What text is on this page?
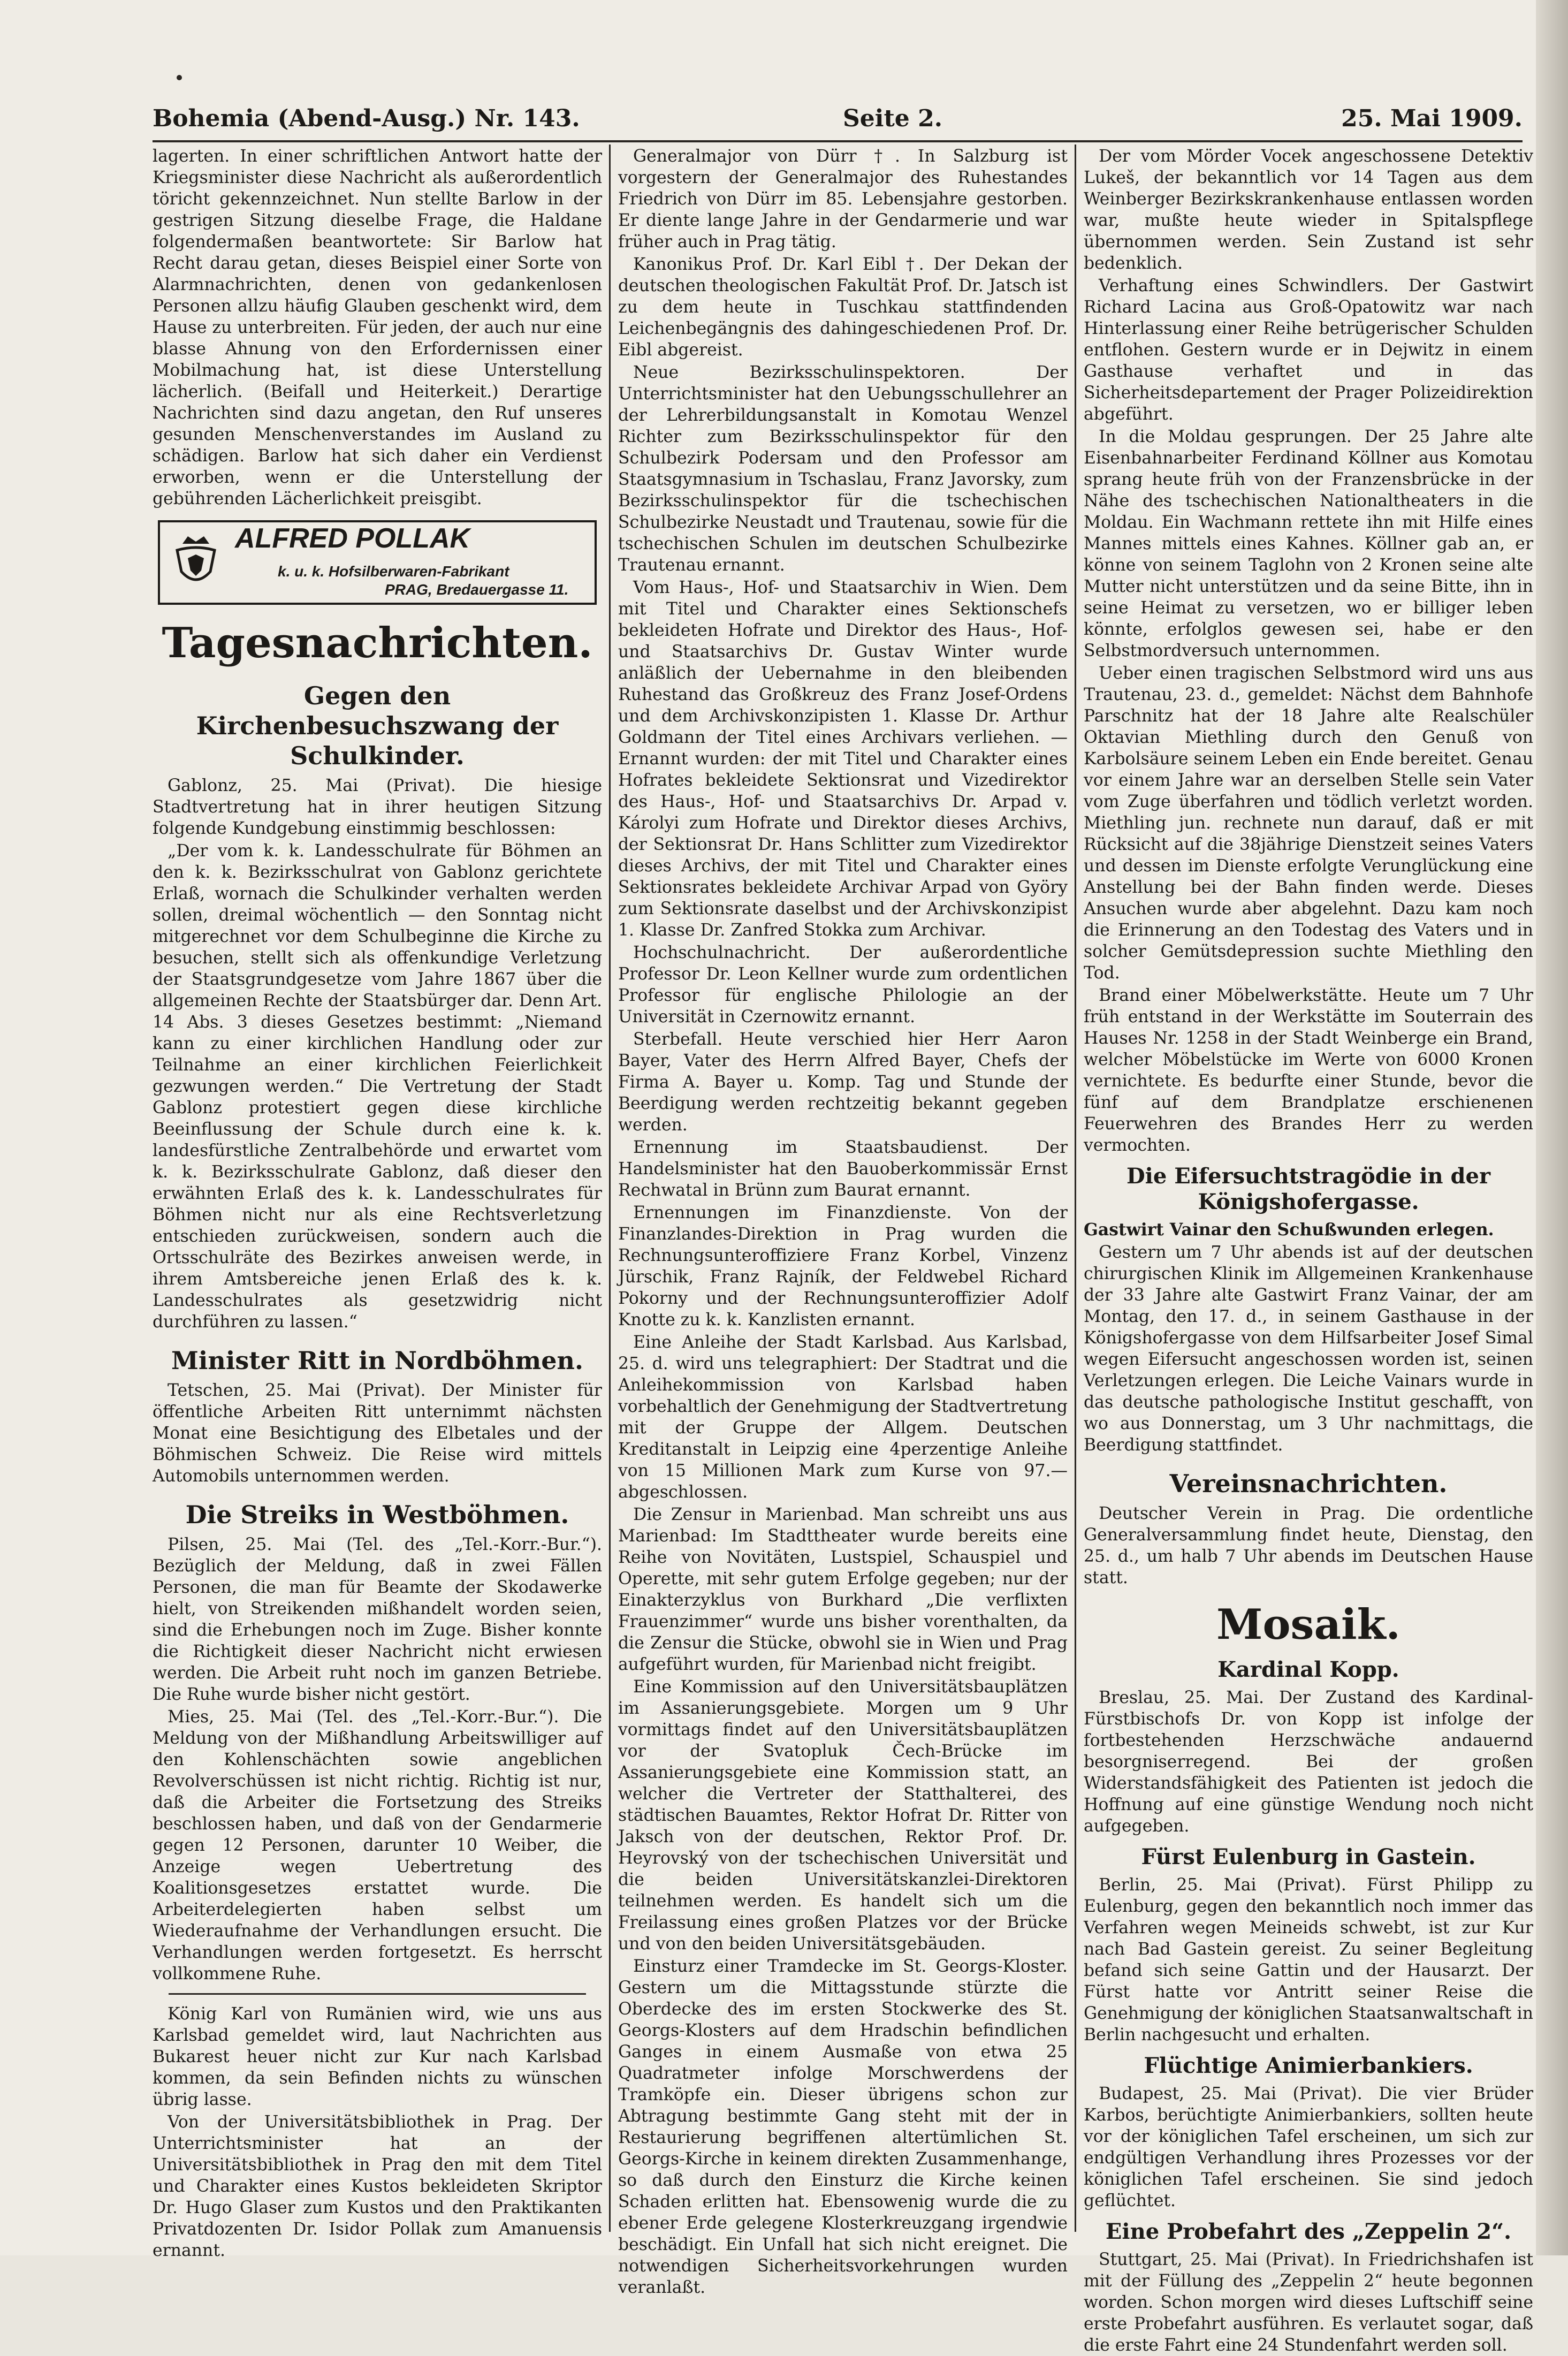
Bohemia (Abend-Ausg.) Nr. 143.	Seite 2.	25. Mai 1909.

lagerten. In einer schriftlichen Antwort hatte der Kriegsminister diese Nachricht als außerordentlich töricht gekennzeichnet. Nun stellte Barlow in der gestrigen Sitzung dieselbe Frage, die Haldane folgendermaßen beantwortete: Sir Barlow hat Recht darau getan, dieses Beispiel einer Sorte von Alarmnachrichten, denen von gedankenlosen Personen allzu häufig Glauben geschenkt wird, dem Hause zu unterbreiten. Für jeden, der auch nur eine blasse Ahnung von den Erfordernissen einer Mobilmachung hat, ist diese Unterstellung lächerlich. (Beifall und Heiterkeit.) Derartige Nachrichten sind dazu angetan, den Ruf unseres gesunden Menschenverstandes im Ausland zu schädigen. Barlow hat sich daher ein Verdienst erworben, wenn er die Unterstellung der gebührenden Lächerlichkeit preisgibt.

ALFRED POLLAK
k. u. k. Hofsilberwaren-Fabrikant
PRAG, Bredauergasse 11.
Tagesnachrichten.
Gegen den Kirchenbesuchszwang der Schulkinder.

Gablonz, 25. Mai (Privat). Die hiesige Stadtvertretung hat in ihrer heutigen Sitzung folgende Kundgebung einstimmig beschlossen:

„Der vom k. k. Landesschulrate für Böhmen an den k. k. Bezirksschulrat von Gablonz gerichtete Erlaß, wornach die Schulkinder verhalten werden sollen, dreimal wöchentlich — den Sonntag nicht mitgerechnet vor dem Schulbeginne die Kirche zu besuchen, stellt sich als offenkundige Verletzung der Staatsgrundgesetze vom Jahre 1867 über die allgemeinen Rechte der Staatsbürger dar. Denn Art. 14 Abs. 3 dieses Gesetzes bestimmt: „Niemand kann zu einer kirchlichen Handlung oder zur Teilnahme an einer kirchlichen Feierlichkeit gezwungen werden.“ Die Vertretung der Stadt Gablonz protestiert gegen diese kirchliche Beeinflussung der Schule durch eine k. k. landesfürstliche Zentralbehörde und erwartet vom k. k. Bezirksschulrate Gablonz, daß dieser den erwähnten Erlaß des k. k. Landesschulrates für Böhmen nicht nur als eine Rechtsverletzung entschieden zurückweisen, sondern auch die Ortsschulräte des Bezirkes anweisen werde, in ihrem Amtsbereiche jenen Erlaß des k. k. Landesschulrates als gesetzwidrig nicht durchführen zu lassen.“

Minister Ritt in Nordböhmen.

Tetschen, 25. Mai (Privat). Der Minister für öffentliche Arbeiten Ritt unternimmt nächsten Monat eine Besichtigung des Elbetales und der Böhmischen Schweiz. Die Reise wird mittels Automobils unternommen werden.

Die Streiks in Westböhmen.

Pilsen, 25. Mai (Tel. des „Tel.-Korr.-Bur.“). Bezüglich der Meldung, daß in zwei Fällen Personen, die man für Beamte der Skodawerke hielt, von Streikenden mißhandelt worden seien, sind die Erhebungen noch im Zuge. Bisher konnte die Richtigkeit dieser Nachricht nicht erwiesen werden. Die Arbeit ruht noch im ganzen Betriebe. Die Ruhe wurde bisher nicht gestört.

Mies, 25. Mai (Tel. des „Tel.-Korr.-Bur.“). Die Meldung von der Mißhandlung Arbeitswilliger auf den Kohlenschächten sowie angeblichen Revolverschüssen ist nicht richtig. Richtig ist nur, daß die Arbeiter die Fortsetzung des Streiks beschlossen haben, und daß von der Gendarmerie gegen 12 Personen, darunter 10 Weiber, die Anzeige wegen Uebertretung des Koalitionsgesetzes erstattet wurde. Die Arbeiterdelegierten haben selbst um Wiederaufnahme der Verhandlungen ersucht. Die Verhandlungen werden fortgesetzt. Es herrscht vollkommene Ruhe.

König Karl von Rumänien wird, wie uns aus Karlsbad gemeldet wird, laut Nachrichten aus Bukarest heuer nicht zur Kur nach Karlsbad kommen, da sein Befinden nichts zu wünschen übrig lasse.

Von der Universitätsbibliothek in Prag. Der Unterrichtsminister hat an der Universitätsbibliothek in Prag den mit dem Titel und Charakter eines Kustos bekleideten Skriptor Dr. Hugo Glaser zum Kustos und den Praktikanten Privatdozenten Dr. Isidor Pollak zum Amanuensis ernannt.

Generalmajor von Dürr †. In Salzburg ist vorgestern der Generalmajor des Ruhestandes Friedrich von Dürr im 85. Lebensjahre gestorben. Er diente lange Jahre in der Gendarmerie und war früher auch in Prag tätig.

Kanonikus Prof. Dr. Karl Eibl †. Der Dekan der deutschen theologischen Fakultät Prof. Dr. Jatsch ist zu dem heute in Tuschkau stattfindenden Leichenbegängnis des dahingeschiedenen Prof. Dr. Eibl abgereist.

Neue Bezirksschulinspektoren. Der Unterrichtsminister hat den Uebungsschullehrer an der Lehrerbildungsanstalt in Komotau Wenzel Richter zum Bezirksschulinspektor für den Schulbezirk Podersam und den Professor am Staatsgymnasium in Tschaslau, Franz Javorsky, zum Bezirksschulinspektor für die tschechischen Schulbezirke Neustadt und Trautenau, sowie für die tschechischen Schulen im deutschen Schulbezirke Trautenau ernannt.

Vom Haus-, Hof- und Staatsarchiv in Wien. Dem mit Titel und Charakter eines Sektionschefs bekleideten Hofrate und Direktor des Haus-, Hof- und Staatsarchivs Dr. Gustav Winter wurde anläßlich der Uebernahme in den bleibenden Ruhestand das Großkreuz des Franz Josef-Ordens und dem Archivskonzipisten 1. Klasse Dr. Arthur Goldmann der Titel eines Archivars verliehen. — Ernannt wurden: der mit Titel und Charakter eines Hofrates bekleidete Sektionsrat und Vizedirektor des Haus-, Hof- und Staatsarchivs Dr. Arpad v. Károlyi zum Hofrate und Direktor dieses Archivs, der Sektionsrat Dr. Hans Schlitter zum Vizedirektor dieses Archivs, der mit Titel und Charakter eines Sektionsrates bekleidete Archivar Arpad von Györy zum Sektionsrate daselbst und der Archivskonzipist 1. Klasse Dr. Zanfred Stokka zum Archivar.

Hochschulnachricht. Der außerordentliche Professor Dr. Leon Kellner wurde zum ordentlichen Professor für englische Philologie an der Universität in Czernowitz ernannt.

Sterbefall. Heute verschied hier Herr Aaron Bayer, Vater des Herrn Alfred Bayer, Chefs der Firma A. Bayer u. Komp. Tag und Stunde der Beerdigung werden rechtzeitig bekannt gegeben werden.

Ernennung im Staatsbaudienst. Der Handelsminister hat den Bauoberkommissär Ernst Rechwatal in Brünn zum Baurat ernannt.

Ernennungen im Finanzdienste. Von der Finanzlandes-Direktion in Prag wurden die Rechnungsunteroffiziere Franz Korbel, Vinzenz Jürschik, Franz Rajník, der Feldwebel Richard Pokorny und der Rechnungsunteroffizier Adolf Knotte zu k. k. Kanzlisten ernannt.

Eine Anleihe der Stadt Karlsbad. Aus Karlsbad, 25. d. wird uns telegraphiert: Der Stadtrat und die Anleihekommission von Karlsbad haben vorbehaltlich der Genehmigung der Stadtvertretung mit der Gruppe der Allgem. Deutschen Kreditanstalt in Leipzig eine 4perzentige Anleihe von 15 Millionen Mark zum Kurse von 97.— abgeschlossen.

Die Zensur in Marienbad. Man schreibt uns aus Marienbad: Im Stadttheater wurde bereits eine Reihe von Novitäten, Lustspiel, Schauspiel und Operette, mit sehr gutem Erfolge gegeben; nur der Einakterzyklus von Burkhard „Die verflixten Frauenzimmer“ wurde uns bisher vorenthalten, da die Zensur die Stücke, obwohl sie in Wien und Prag aufgeführt wurden, für Marienbad nicht freigibt.

Eine Kommission auf den Universitätsbauplätzen im Assanierungsgebiete. Morgen um 9 Uhr vormittags findet auf den Universitätsbauplätzen vor der Svatopluk Čech-Brücke im Assanierungsgebiete eine Kommission statt, an welcher die Vertreter der Statthalterei, des städtischen Bauamtes, Rektor Hofrat Dr. Ritter von Jaksch von der deutschen, Rektor Prof. Dr. Heyrovský von der tschechischen Universität und die beiden Universitätskanzlei-Direktoren teilnehmen werden. Es handelt sich um die Freilassung eines großen Platzes vor der Brücke und von den beiden Universitätsgebäuden.

Einsturz einer Tramdecke im St. Georgs-Kloster. Gestern um die Mittagsstunde stürzte die Oberdecke des im ersten Stockwerke des St. Georgs-Klosters auf dem Hradschin befindlichen Ganges in einem Ausmaße von etwa 25 Quadratmeter infolge Morschwerdens der Tramköpfe ein. Dieser übrigens schon zur Abtragung bestimmte Gang steht mit der in Restaurierung begriffenen altertümlichen St. Georgs-Kirche in keinem direkten Zusammenhange, so daß durch den Einsturz die Kirche keinen Schaden erlitten hat. Ebensowenig wurde die zu ebener Erde gelegene Klosterkreuzgang irgendwie beschädigt. Ein Unfall hat sich nicht ereignet. Die notwendigen Sicherheitsvorkehrungen wurden veranlaßt.

Der vom Mörder Vocek angeschossene Detektiv Lukeš, der bekanntlich vor 14 Tagen aus dem Weinberger Bezirkskrankenhause entlassen worden war, mußte heute wieder in Spitalspflege übernommen werden. Sein Zustand ist sehr bedenklich.

Verhaftung eines Schwindlers. Der Gastwirt Richard Lacina aus Groß-Opatowitz war nach Hinterlassung einer Reihe betrügerischer Schulden entflohen. Gestern wurde er in Dejwitz in einem Gasthause verhaftet und in das Sicherheitsdepartement der Prager Polizeidirektion abgeführt.

In die Moldau gesprungen. Der 25 Jahre alte Eisenbahnarbeiter Ferdinand Köllner aus Komotau sprang heute früh von der Franzensbrücke in der Nähe des tschechischen Nationaltheaters in die Moldau. Ein Wachmann rettete ihn mit Hilfe eines Mannes mittels eines Kahnes. Köllner gab an, er könne von seinem Taglohn von 2 Kronen seine alte Mutter nicht unterstützen und da seine Bitte, ihn in seine Heimat zu versetzen, wo er billiger leben könnte, erfolglos gewesen sei, habe er den Selbstmordversuch unternommen.

Ueber einen tragischen Selbstmord wird uns aus Trautenau, 23. d., gemeldet: Nächst dem Bahnhofe Parschnitz hat der 18 Jahre alte Realschüler Oktavian Miethling durch den Genuß von Karbolsäure seinem Leben ein Ende bereitet. Genau vor einem Jahre war an derselben Stelle sein Vater vom Zuge überfahren und tödlich verletzt worden. Miethling jun. rechnete nun darauf, daß er mit Rücksicht auf die 38jährige Dienstzeit seines Vaters und dessen im Dienste erfolgte Verunglückung eine Anstellung bei der Bahn finden werde. Dieses Ansuchen wurde aber abgelehnt. Dazu kam noch die Erinnerung an den Todestag des Vaters und in solcher Gemütsdepression suchte Miethling den Tod.

Brand einer Möbelwerkstätte. Heute um 7 Uhr früh entstand in der Werkstätte im Souterrain des Hauses Nr. 1258 in der Stadt Weinberge ein Brand, welcher Möbelstücke im Werte von 6000 Kronen vernichtete. Es bedurfte einer Stunde, bevor die fünf auf dem Brandplatze erschienenen Feuerwehren des Brandes Herr zu werden vermochten.

Die Eifersuchtstragödie in der Königshofergasse.

Gastwirt Vainar den Schußwunden erlegen.

Gestern um 7 Uhr abends ist auf der deutschen chirurgischen Klinik im Allgemeinen Krankenhause der 33 Jahre alte Gastwirt Franz Vainar, der am Montag, den 17. d., in seinem Gasthause in der Königshofergasse von dem Hilfsarbeiter Josef Simal wegen Eifersucht angeschossen worden ist, seinen Verletzungen erlegen. Die Leiche Vainars wurde in das deutsche pathologische Institut geschafft, von wo aus Donnerstag, um 3 Uhr nachmittags, die Beerdigung stattfindet.

Vereinsnachrichten.

Deutscher Verein in Prag. Die ordentliche Generalversammlung findet heute, Dienstag, den 25. d., um halb 7 Uhr abends im Deutschen Hause statt.

Mosaik.
Kardinal Kopp.

Breslau, 25. Mai. Der Zustand des Kardinal-Fürstbischofs Dr. von Kopp ist infolge der fortbestehenden Herzschwäche andauernd besorgniserregend. Bei der großen Widerstandsfähigkeit des Patienten ist jedoch die Hoffnung auf eine günstige Wendung noch nicht aufgegeben.

Fürst Eulenburg in Gastein.

Berlin, 25. Mai (Privat). Fürst Philipp zu Eulenburg, gegen den bekanntlich noch immer das Verfahren wegen Meineids schwebt, ist zur Kur nach Bad Gastein gereist. Zu seiner Begleitung befand sich seine Gattin und der Hausarzt. Der Fürst hatte vor Antritt seiner Reise die Genehmigung der königlichen Staatsanwaltschaft in Berlin nachgesucht und erhalten.

Flüchtige Animierbankiers.

Budapest, 25. Mai (Privat). Die vier Brüder Karbos, berüchtigte Animierbankiers, sollten heute vor der königlichen Tafel erscheinen, um sich zur endgültigen Verhandlung ihres Prozesses vor der königlichen Tafel erscheinen. Sie sind jedoch geflüchtet.

Eine Probefahrt des „Zeppelin 2“.

Stuttgart, 25. Mai (Privat). In Friedrichshafen ist mit der Füllung des „Zeppelin 2“ heute begonnen worden. Schon morgen wird dieses Luftschiff seine erste Probefahrt ausführen. Es verlautet sogar, daß die erste Fahrt eine 24 Stundenfahrt werden soll.
